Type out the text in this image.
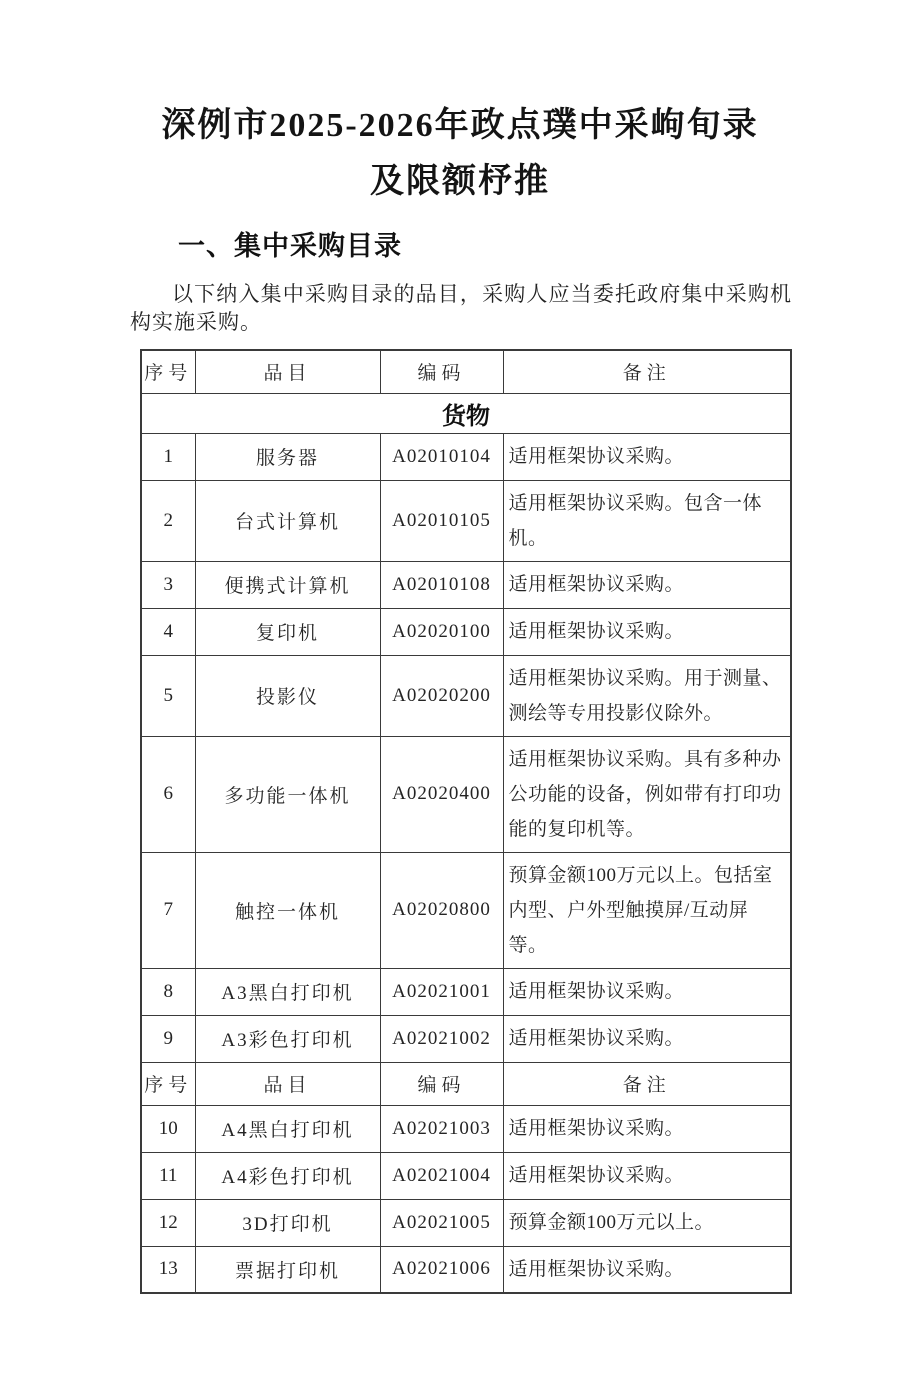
深例市2025-2026年政点璞中采岣旬录
及限额杼推
一、集中采购目录

以下纳入集中采购目录的品目，采购人应当委托政府集中采购机构实施采购。

序号	品目	编码	备注
货物			
1	服务器	A02010104	适用框架协议采购。
2	台式计算机	A02010105	适用框架协议采购。包含一体机。
3	便携式计算机	A02010108	适用框架协议采购。
4	复印机	A02020100	适用框架协议采购。
5	投影仪	A02020200	适用框架协议采购。用于测量、测绘等专用投影仪除外。
6	多功能一体机	A02020400	适用框架协议采购。具有多种办公功能的设备，例如带有打印功能的复印机等。
7	触控一体机	A02020800	预算金额100万元以上。包括室内型、户外型触摸屏/互动屏等。
8	A3黑白打印机	A02021001	适用框架协议采购。
9	A3彩色打印机	A02021002	适用框架协议采购。
序号	品目	编码	备注
10	A4黑白打印机	A02021003	适用框架协议采购。
11	A4彩色打印机	A02021004	适用框架协议采购。
12	3D打印机	A02021005	预算金额100万元以上。
13	票据打印机	A02021006	适用框架协议采购。
